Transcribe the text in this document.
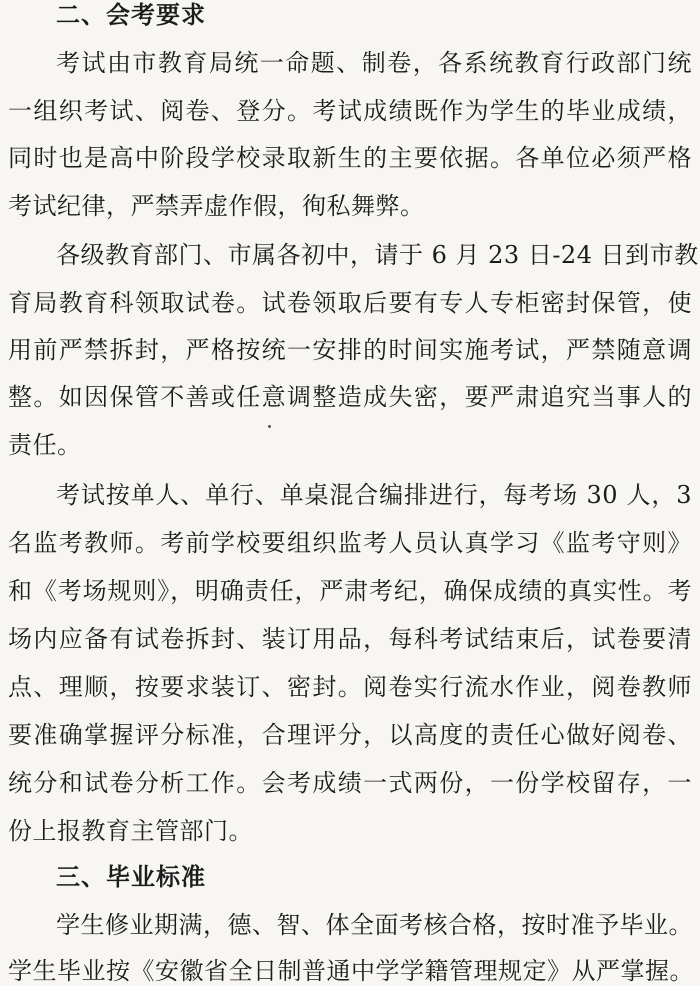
二、会考要求
考试由市教育局统一命题、制卷，各系统教育行政部门统
一组织考试、阅卷、登分。考试成绩既作为学生的毕业成绩，
同时也是高中阶段学校录取新生的主要依据。各单位必须严格
考试纪律，严禁弄虚作假，徇私舞弊。
各级教育部门、市属各初中，请于 6 月 23 日-24 日到市教
育局教育科领取试卷。试卷领取后要有专人专柜密封保管，使
用前严禁拆封，严格按统一安排的时间实施考试，严禁随意调
整。如因保管不善或任意调整造成失密，要严肃追究当事人的
责任。
考试按单人、单行、单桌混合编排进行，每考场 30 人，3
名监考教师。考前学校要组织监考人员认真学习《监考守则》
和《考场规则》，明确责任，严肃考纪，确保成绩的真实性。考
场内应备有试卷拆封、装订用品，每科考试结束后，试卷要清
点、理顺，按要求装订、密封。阅卷实行流水作业，阅卷教师
要准确掌握评分标准，合理评分，以高度的责任心做好阅卷、
统分和试卷分析工作。会考成绩一式两份，一份学校留存，一
份上报教育主管部门。
三、毕业标准
学生修业期满，德、智、体全面考核合格，按时准予毕业。
学生毕业按《安徽省全日制普通中学学籍管理规定》从严掌握。
